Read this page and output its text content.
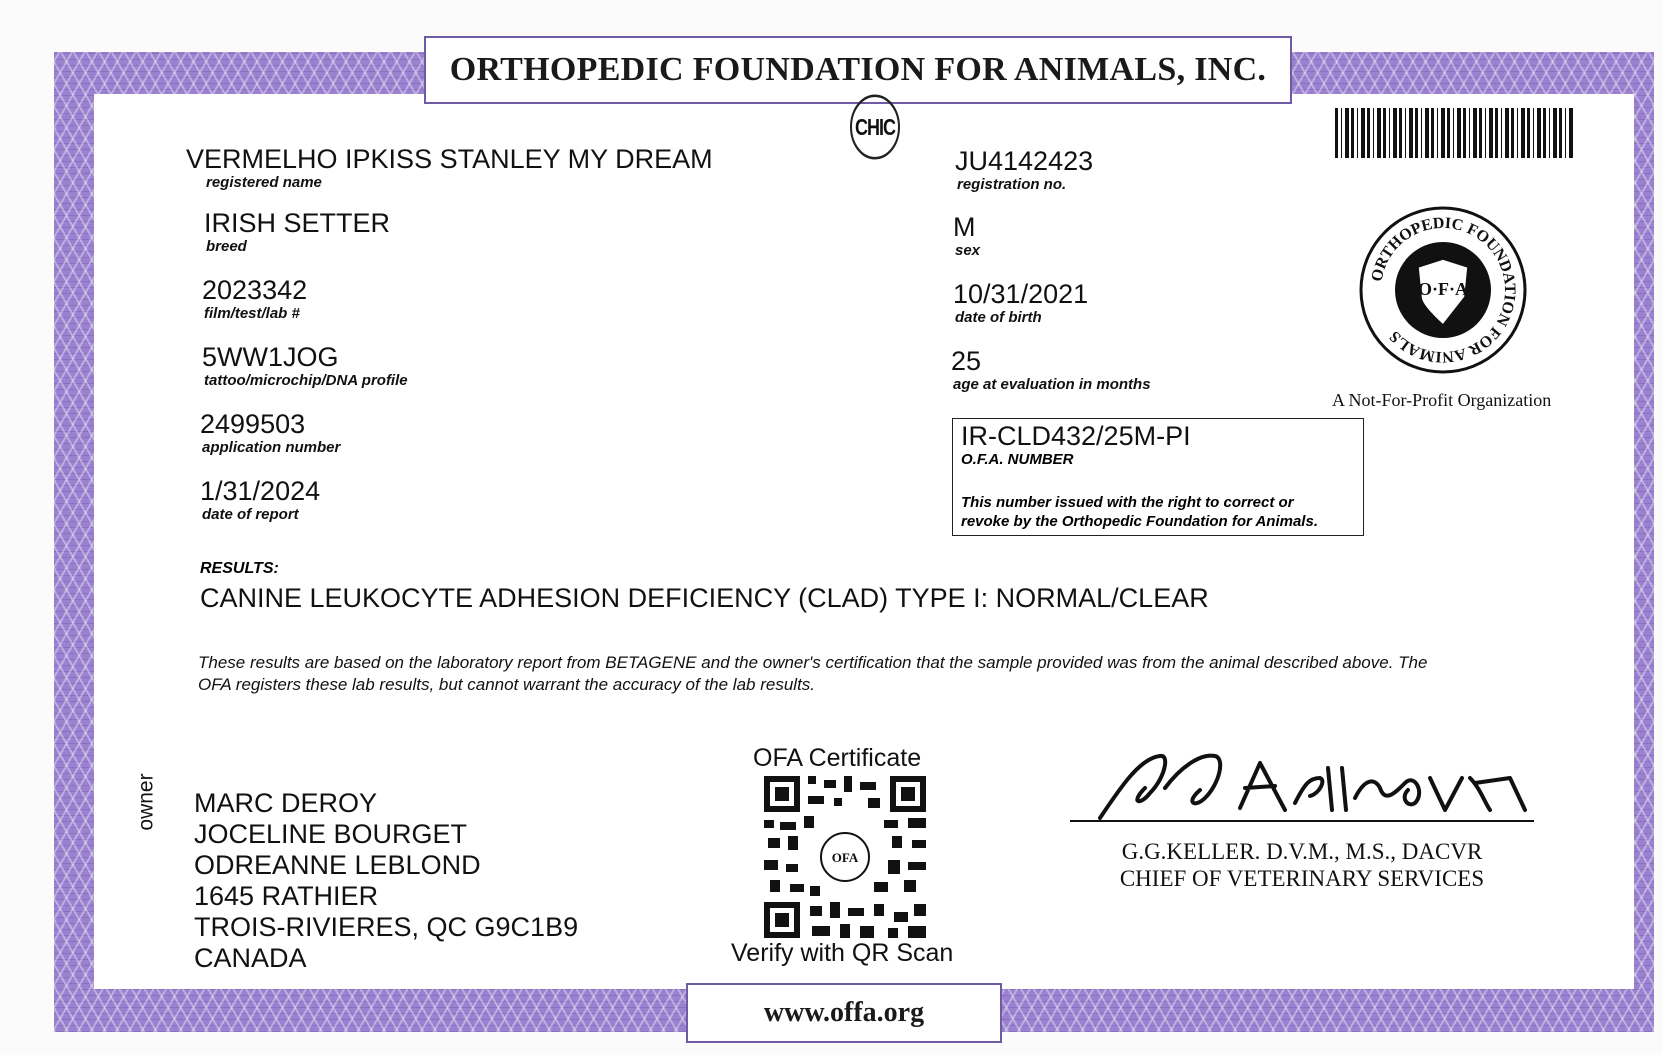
ORTHOPEDIC FOUNDATION FOR ANIMALS, INC.
CHIC
VERMELHO IPKISS STANLEY MY DREAM
registered name
IRISH SETTER
breed
2023342
film/test/lab #
5WW1JOG
tattoo/microchip/DNA profile
2499503
application number
1/31/2024
date of report
JU4142423
registration no.
M
sex
10/31/2021
date of birth
25
age at evaluation in months
ORTHOPEDIC FOUNDATION FOR ANIMALS
O·F·A
A Not-For-Profit Organization
IR-CLD432/25M-PI
O.F.A. NUMBER
This number issued with the right to correct or
revoke by the Orthopedic Foundation for Animals.
RESULTS:
CANINE LEUKOCYTE ADHESION DEFICIENCY (CLAD) TYPE I: NORMAL/CLEAR
These results are based on the laboratory report from BETAGENE and the owner's certification that the sample provided was from the animal described above. The OFA registers these lab results, but cannot warrant the accuracy of the lab results.
owner MARC DEROY
JOCELINE BOURGET
ODREANNE LEBLOND
1645 RATHIER
TROIS-RIVIERES, QC G9C1B9
CANADA
OFA Certificate
OFA
Verify with QR Scan
G.G.KELLER. D.V.M., M.S., DACVR
CHIEF OF VETERINARY SERVICES
www.offa.org
